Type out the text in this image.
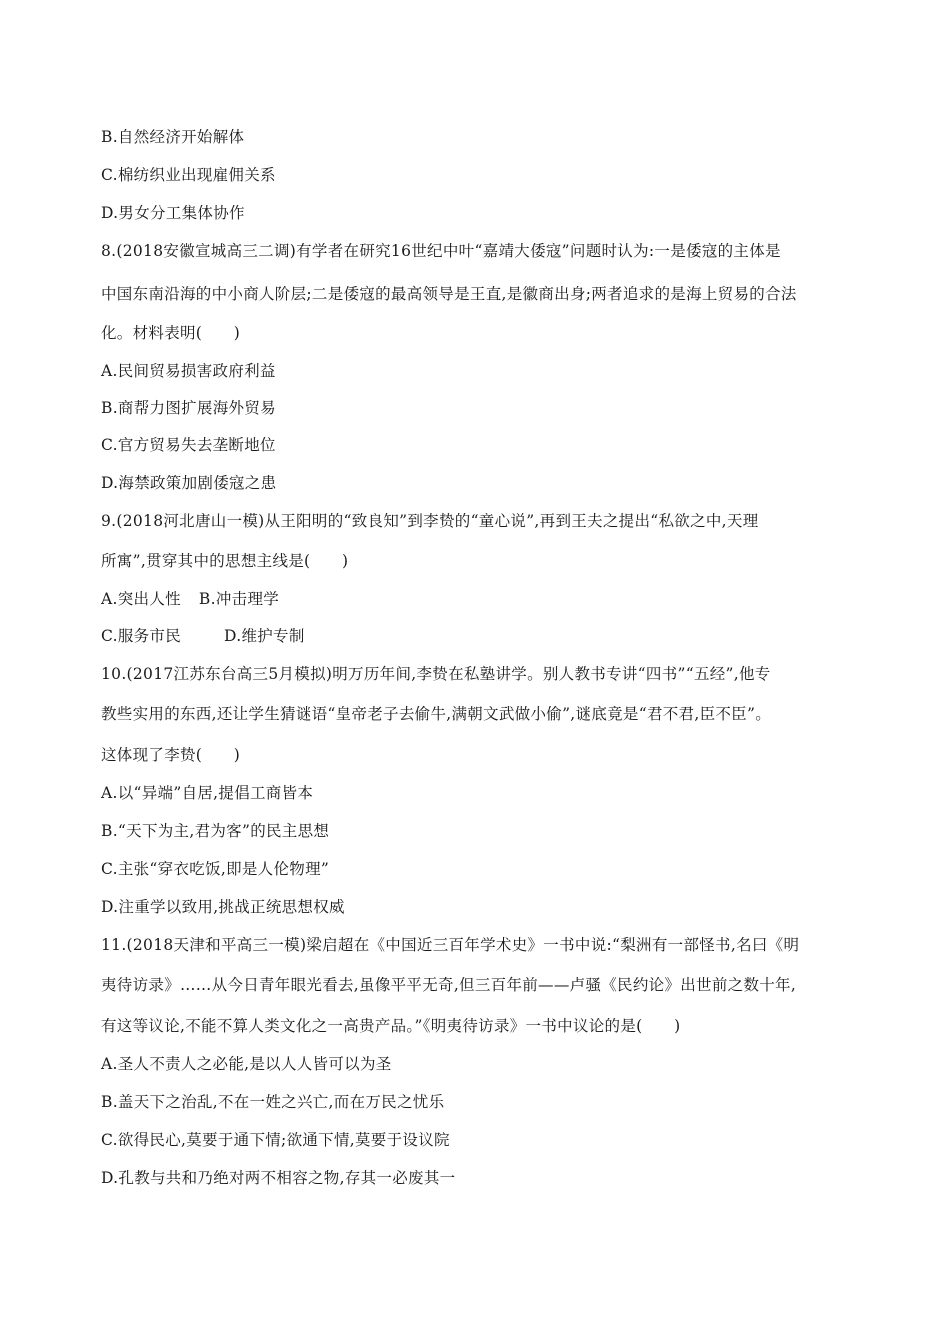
B.自然经济开始解体
C.棉纺织业出现雇佣关系
D.男女分工集体协作
8.(2018安徽宣城高三二调)有学者在研究16世纪中叶“嘉靖大倭寇”问题时认为:一是倭寇的主体是
中国东南沿海的中小商人阶层;二是倭寇的最高领导是王直,是徽商出身;两者追求的是海上贸易的合法
化。材料表明(　　)
A.民间贸易损害政府利益
B.商帮力图扩展海外贸易
C.官方贸易失去垄断地位
D.海禁政策加剧倭寇之患
9.(2018河北唐山一模)从王阳明的“致良知”到李贽的“童心说”,再到王夫之提出“私欲之中,天理
所寓”,贯穿其中的思想主线是(　　)
A.突出人性 B.冲击理学
C.服务市民	D.维护专制
10.(2017江苏东台高三5月模拟)明万历年间,李贽在私塾讲学。别人教书专讲“四书”“五经”,他专
教些实用的东西,还让学生猜谜语“皇帝老子去偷牛,满朝文武做小偷”,谜底竟是“君不君,臣不臣”。
这体现了李贽(　　)
A.以“异端”自居,提倡工商皆本
B.“天下为主,君为客”的民主思想
C.主张“穿衣吃饭,即是人伦物理”
D.注重学以致用,挑战正统思想权威
11.(2018天津和平高三一模)梁启超在《中国近三百年学术史》一书中说:“梨洲有一部怪书,名曰《明
夷待访录》……从今日青年眼光看去,虽像平平无奇,但三百年前——卢骚《民约论》出世前之数十年,
有这等议论,不能不算人类文化之一高贵产品。”《明夷待访录》一书中议论的是(　　)
A.圣人不责人之必能,是以人人皆可以为圣
B.盖天下之治乱,不在一姓之兴亡,而在万民之忧乐
C.欲得民心,莫要于通下情;欲通下情,莫要于设议院
D.孔教与共和乃绝对两不相容之物,存其一必废其一
